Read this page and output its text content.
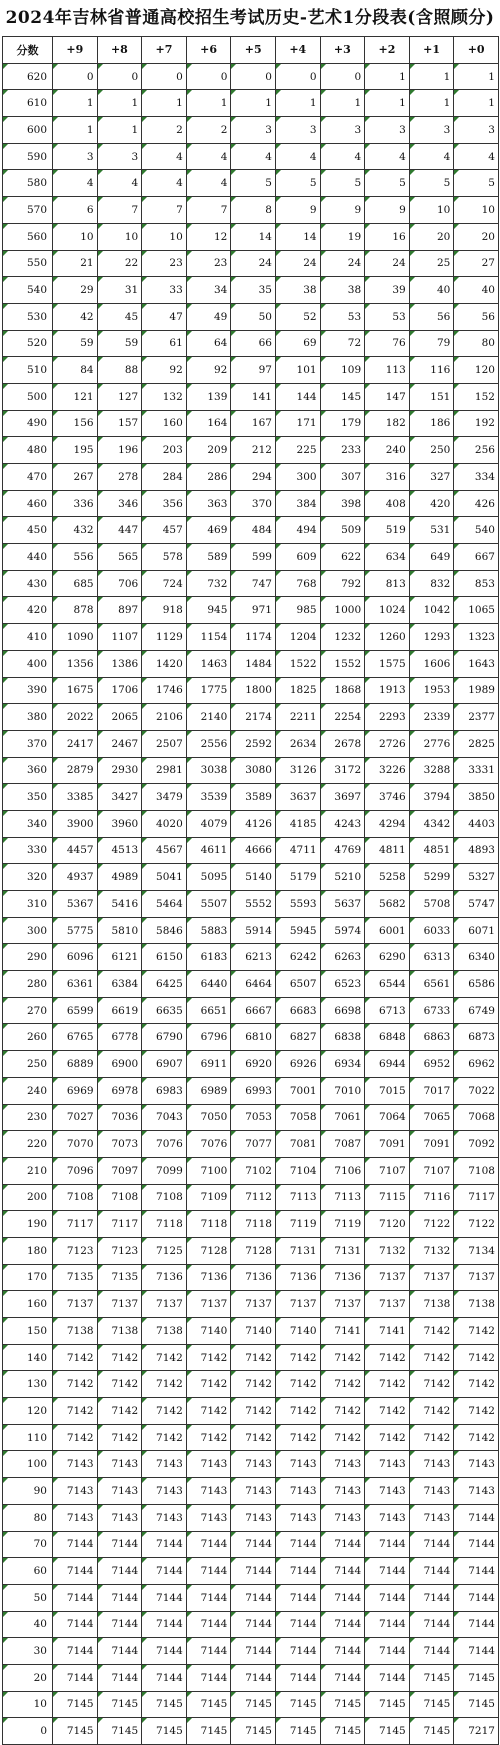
2024年吉林省普通高校招生考试历史-艺术1分段表(含照顾分)
分数	+9	+8	+7	+6	+5	+4	+3	+2	+1	+0
620	0	0	0	0	0	0	0	1	1	1
610	1	1	1	1	1	1	1	1	1	1
600	1	1	2	2	3	3	3	3	3	3
590	3	3	4	4	4	4	4	4	4	4
580	4	4	4	4	5	5	5	5	5	5
570	6	7	7	7	8	9	9	9	10	10
560	10	10	10	12	14	14	19	16	20	20
550	21	22	23	23	24	24	24	24	25	27
540	29	31	33	34	35	38	38	39	40	40
530	42	45	47	49	50	52	53	53	56	56
520	59	59	61	64	66	69	72	76	79	80
510	84	88	92	92	97	101	109	113	116	120
500	121	127	132	139	141	144	145	147	151	152
490	156	157	160	164	167	171	179	182	186	192
480	195	196	203	209	212	225	233	240	250	256
470	267	278	284	286	294	300	307	316	327	334
460	336	346	356	363	370	384	398	408	420	426
450	432	447	457	469	484	494	509	519	531	540
440	556	565	578	589	599	609	622	634	649	667
430	685	706	724	732	747	768	792	813	832	853
420	878	897	918	945	971	985	1000	1024	1042	1065
410	1090	1107	1129	1154	1174	1204	1232	1260	1293	1323
400	1356	1386	1420	1463	1484	1522	1552	1575	1606	1643
390	1675	1706	1746	1775	1800	1825	1868	1913	1953	1989
380	2022	2065	2106	2140	2174	2211	2254	2293	2339	2377
370	2417	2467	2507	2556	2592	2634	2678	2726	2776	2825
360	2879	2930	2981	3038	3080	3126	3172	3226	3288	3331
350	3385	3427	3479	3539	3589	3637	3697	3746	3794	3850
340	3900	3960	4020	4079	4126	4185	4243	4294	4342	4403
330	4457	4513	4567	4611	4666	4711	4769	4811	4851	4893
320	4937	4989	5041	5095	5140	5179	5210	5258	5299	5327
310	5367	5416	5464	5507	5552	5593	5637	5682	5708	5747
300	5775	5810	5846	5883	5914	5945	5974	6001	6033	6071
290	6096	6121	6150	6183	6213	6242	6263	6290	6313	6340
280	6361	6384	6425	6440	6464	6507	6523	6544	6561	6586
270	6599	6619	6635	6651	6667	6683	6698	6713	6733	6749
260	6765	6778	6790	6796	6810	6827	6838	6848	6863	6873
250	6889	6900	6907	6911	6920	6926	6934	6944	6952	6962
240	6969	6978	6983	6989	6993	7001	7010	7015	7017	7022
230	7027	7036	7043	7050	7053	7058	7061	7064	7065	7068
220	7070	7073	7076	7076	7077	7081	7087	7091	7091	7092
210	7096	7097	7099	7100	7102	7104	7106	7107	7107	7108
200	7108	7108	7108	7109	7112	7113	7113	7115	7116	7117
190	7117	7117	7118	7118	7118	7119	7119	7120	7122	7122
180	7123	7123	7125	7128	7128	7131	7131	7132	7132	7134
170	7135	7135	7136	7136	7136	7136	7136	7137	7137	7137
160	7137	7137	7137	7137	7137	7137	7137	7137	7138	7138
150	7138	7138	7138	7140	7140	7140	7141	7141	7142	7142
140	7142	7142	7142	7142	7142	7142	7142	7142	7142	7142
130	7142	7142	7142	7142	7142	7142	7142	7142	7142	7142
120	7142	7142	7142	7142	7142	7142	7142	7142	7142	7142
110	7142	7142	7142	7142	7142	7142	7142	7142	7142	7142
100	7143	7143	7143	7143	7143	7143	7143	7143	7143	7143
90	7143	7143	7143	7143	7143	7143	7143	7143	7143	7143
80	7143	7143	7143	7143	7143	7143	7143	7143	7143	7144
70	7144	7144	7144	7144	7144	7144	7144	7144	7144	7144
60	7144	7144	7144	7144	7144	7144	7144	7144	7144	7144
50	7144	7144	7144	7144	7144	7144	7144	7144	7144	7144
40	7144	7144	7144	7144	7144	7144	7144	7144	7144	7144
30	7144	7144	7144	7144	7144	7144	7144	7144	7144	7144
20	7144	7144	7144	7144	7144	7144	7144	7144	7145	7145
10	7145	7145	7145	7145	7145	7145	7145	7145	7145	7145
0	7145	7145	7145	7145	7145	7145	7145	7145	7145	7217
